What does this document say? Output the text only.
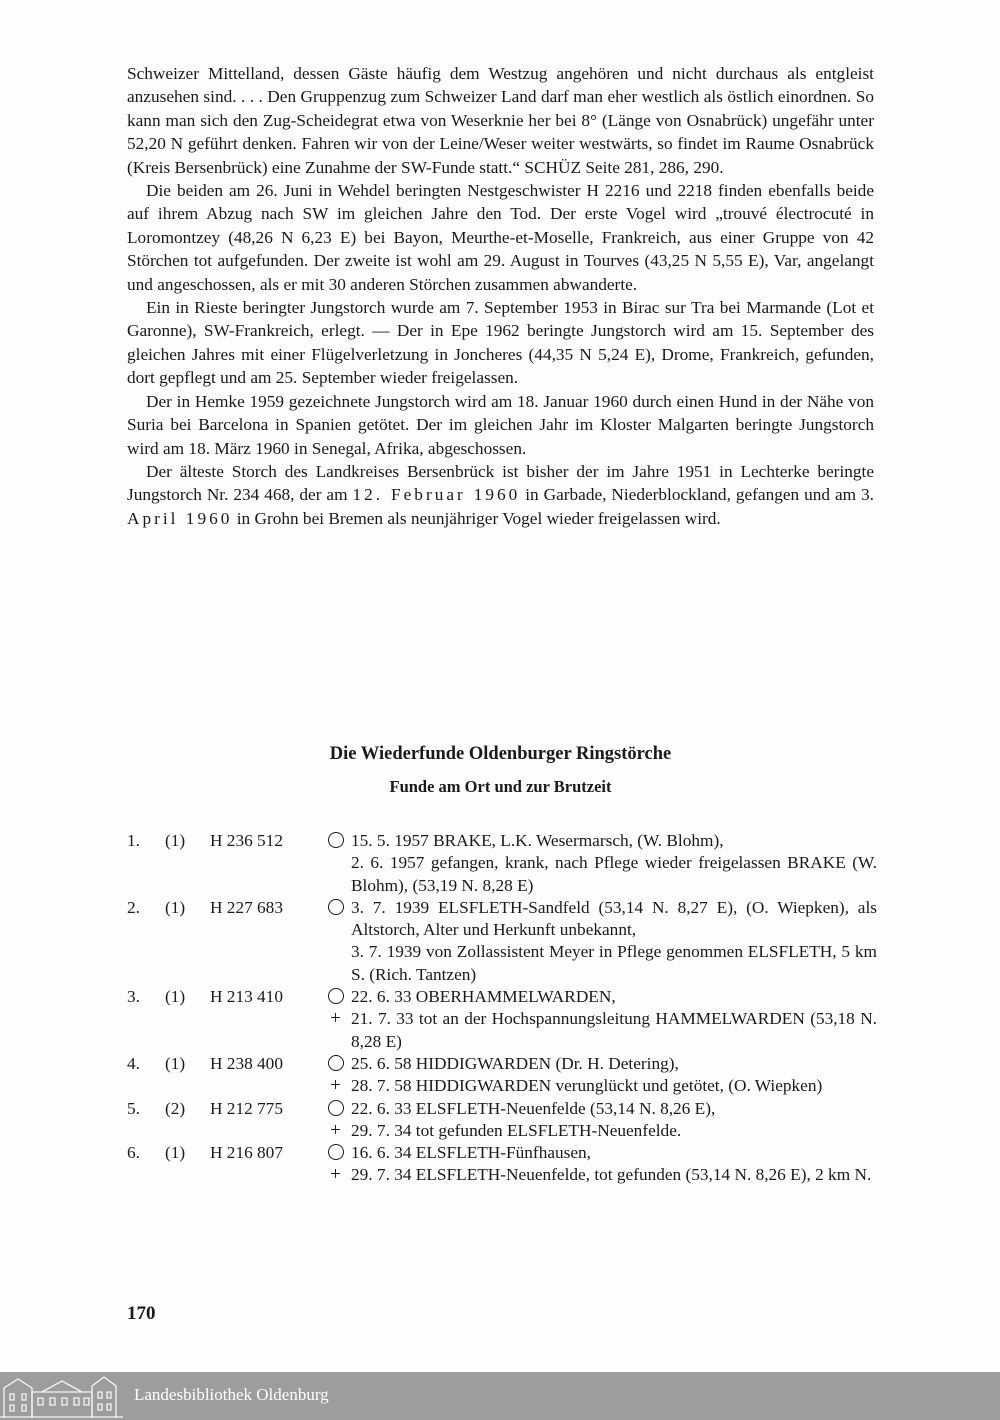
Schweizer Mittelland, dessen Gäste häufig dem Westzug angehören und nicht durchaus als entgleist anzusehen sind. . . . Den Gruppenzug zum Schweizer Land darf man eher westlich als östlich einordnen. So kann man sich den Zug-Scheidegrat etwa von Weserknie her bei 8° (Länge von Osnabrück) ungefähr unter 52,20 N geführt denken. Fahren wir von der Leine/Weser weiter westwärts, so findet im Raume Osnabrück (Kreis Bersenbrück) eine Zunahme der SW-Funde statt.“ SCHÜZ Seite 281, 286, 290.

Die beiden am 26. Juni in Wehdel beringten Nestgeschwister H 2216 und 2218 finden ebenfalls beide auf ihrem Abzug nach SW im gleichen Jahre den Tod. Der erste Vogel wird „trouvé électrocuté in Loromontzey (48,26 N 6,23 E) bei Bayon, Meurthe-et-Moselle, Frankreich, aus einer Gruppe von 42 Störchen tot aufgefunden. Der zweite ist wohl am 29. August in Tourves (43,25 N 5,55 E), Var, angelangt und angeschossen, als er mit 30 anderen Störchen zusammen abwanderte.

Ein in Rieste beringter Jungstorch wurde am 7. September 1953 in Birac sur Tra bei Marmande (Lot et Garonne), SW-Frankreich, erlegt. — Der in Epe 1962 beringte Jungstorch wird am 15. September des gleichen Jahres mit einer Flügelverletzung in Joncheres (44,35 N 5,24 E), Drome, Frankreich, gefunden, dort gepflegt und am 25. September wieder freigelassen.

Der in Hemke 1959 gezeichnete Jungstorch wird am 18. Januar 1960 durch einen Hund in der Nähe von Suria bei Barcelona in Spanien getötet. Der im gleichen Jahr im Kloster Malgarten beringte Jungstorch wird am 18. März 1960 in Senegal, Afrika, abgeschossen.

Der älteste Storch des Landkreises Bersenbrück ist bisher der im Jahre 1951 in Lechterke beringte Jungstorch Nr. 234 468, der am 12. Februar 1960 in Garbade, Niederblockland, gefangen und am 3. April 1960 in Grohn bei Bremen als neunjähriger Vogel wieder freigelassen wird.

Die Wiederfunde Oldenburger Ringstörche
Funde am Ort und zur Brutzeit
1.	(1)	H 236 512	15. 5. 1957 BRAKE, L.K. Wesermarsch, (W. Blohm),
2. 6. 1957 gefangen, krank, nach Pflege wieder freigelassen BRAKE (W. Blohm), (53,19 N. 8,28 E)
2.	(1)	H 227 683	3. 7. 1939 ELSFLETH-Sandfeld (53,14 N. 8,27 E), (O. Wiepken), als Altstorch, Alter und Herkunft unbekannt,
3. 7. 1939 von Zollassistent Meyer in Pflege genommen ELSFLETH, 5 km S. (Rich. Tantzen)
3.	(1)	H 213 410	22. 6. 33 OBERHAMMELWARDEN,
+ 21. 7. 33 tot an der Hochspannungsleitung HAMMELWARDEN (53,18 N. 8,28 E)
4.	(1)	H 238 400	25. 6. 58 HIDDIGWARDEN (Dr. H. Detering),
+ 28. 7. 58 HIDDIGWARDEN verunglückt und getötet, (O. Wiepken)
5.	(2)	H 212 775	22. 6. 33 ELSFLETH-Neuenfelde (53,14 N. 8,26 E),
+ 29. 7. 34 tot gefunden ELSFLETH-Neuenfelde.
6.	(1)	H 216 807	16. 6. 34 ELSFLETH-Fünfhausen,
+ 29. 7. 34 ELSFLETH-Neuenfelde, tot gefunden (53,14 N. 8,26 E), 2 km N.
170
Landesbibliothek Oldenburg
